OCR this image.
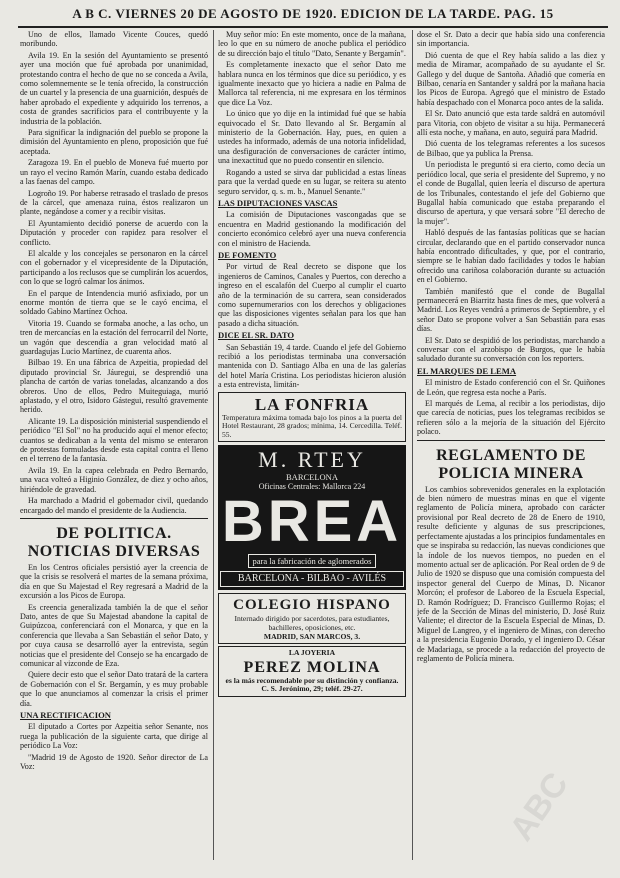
A B C. VIERNES 20 DE AGOSTO DE 1920. EDICION DE LA TARDE. PAG. 15

Uno de ellos, llamado Vicente Couces, quedó moribundo.

Avila 19. En la sesión del Ayuntamiento se presentó ayer una moción que fué aprobada por unanimidad, protestando contra el hecho de que no se conceda a Avila, como solemnemente se le tenía ofrecido, la construcción de un cuartel y la presencia de una guarnición, después de haber aprobado el expediente y adquirido los terrenos, a costa de grandes sacrificios para el contribuyente y la industria de la población.

Para significar la indignación del pueblo se propone la dimisión del Ayuntamiento en pleno, proposición que fué aceptada.

Zaragoza 19. En el pueblo de Moneva fué muerto por un rayo el vecino Ramón Marín, cuando estaba dedicado a las faenas del campo.

Logroño 19. Por haberse retrasado el traslado de presos de la cárcel, que amenaza ruina, éstos realizaron un plante, negándose a comer y a recibir visitas.

El Ayuntamiento decidió ponerse de acuerdo con la Diputación y proceder con rapidez para resolver el conflicto.

El alcalde y los concejales se personaron en la cárcel con el gobernador y el vicepresidente de la Diputación, participando a los reclusos que se cumplirán los acuerdos, con lo que se logró calmar los ánimos.

En el parque de Intendencia murió asfixiado, por un enorme montón de tierra que se le cayó encima, el soldado Gabino Martínez Ochoa.

Vitoria 19. Cuando se formaba anoche, a las ocho, un tren de mercancías en la estación del ferrocarril del Norte, un vagón que descendía a gran velocidad mató al guardagujas Lucio Martínez, de cuarenta años.

Bilbao 19. En una fábrica de Azpeitia, propiedad del diputado provincial Sr. Jáuregui, se desprendió una plancha de cartón de varias toneladas, alcanzando a dos obreros. Uno de ellos, Pedro Muiteguiaga, murió aplastado, y el otro, Isidoro Gástegui, resultó gravemente herido.

Alicante 19. La disposición ministerial suspendiendo el periódico "El Sol" no ha producido aquí el menor efecto; cuantos se dedicaban a la venta del mismo se enteraron de protestas formuladas desde esta capital contra el lleno en el terreno de la fantasía.

Avila 19. En la capea celebrada en Pedro Bernardo, una vaca volteó a Higinio González, de diez y ocho años, hiriéndole de gravedad.

Ha marchado a Madrid el gobernador civil, quedando encargado del mando el presidente de la Audiencia.

DE POLITICA. NOTICIAS DIVERSAS

En los Centros oficiales persistió ayer la creencia de que la crisis se resolverá el martes de la semana próxima, día en que Su Majestad el Rey regresará a Madrid de la excursión a los Picos de Europa.

Es creencia generalizada también la de que el señor Dato, antes de que Su Majestad abandone la capital de Guipúzcoa, conferenciará con el Monarca, y que en la conferencia que llevaba a San Sebastián el señor Dato, y por cuya causa se desarrolló ayer la entrevista, según noticias que el presidente del Consejo se ha encargado de comunicar al vizconde de Eza.

Quiere decir esto que el señor Dato tratará de la cartera de Gobernación con el Sr. Bergamín, y es muy probable que lo que anunciamos al comenzar la crisis el primer día.

UNA RECTIFICACION

El diputado a Cortes por Azpeitia señor Senante, nos ruega la publicación de la siguiente carta, que dirige al periódico La Voz:

"Madrid 19 de Agosto de 1920. Señor director de La Voz:

Muy señor mío: En este momento, once de la mañana, leo lo que en su número de anoche publica el periódico de su dirección bajo el título "Dato, Senante y Bergamín".

Es completamente inexacto que el señor Dato me hablara nunca en los términos que dice su periódico, y es igualmente inexacto que yo hiciera a nadie en Palma de Mallorca tal referencia, ni me expresara en los términos que dice La Voz.

Lo único que yo dije en la intimidad fué que se había equivocado el Sr. Dato llevando al Sr. Bergamín al ministerio de la Gobernación. Hay, pues, en quien a ustedes ha informado, además de una notoria infidelidad, una desfiguración de conversaciones de carácter íntimo, una inexactitud que no puedo consentir en silencio.

Rogando a usted se sirva dar publicidad a estas líneas para que la verdad quede en su lugar, se reitera su atento seguro servidor, q. s. m. b., Manuel Senante."

LAS DIPUTACIONES VASCAS

La comisión de Diputaciones vascongadas que se encuentra en Madrid gestionando la modificación del concierto económico celebró ayer una nueva conferencia con el ministro de Hacienda.

DE FOMENTO

Por virtud de Real decreto se dispone que los ingenieros de Caminos, Canales y Puertos, con derecho a ingreso en el escalafón del Cuerpo al cumplir el cuarto año de la terminación de su carrera, sean considerados como supernumerarios con los derechos y obligaciones que las disposiciones vigentes señalan para los que han pasado a dicha situación.

DICE EL SR. DATO

San Sebastián 19, 4 tarde. Cuando el jefe del Gobierno recibió a los periodistas terminaba una conversación mantenida con D. Santiago Alba en una de las galerías del hotel María Cristina. Los periodistas hicieron alusión a esta entrevista, limitán-

LA FONFRIA
Temperatura máxima tomada bajo los pinos a la puerta del Hotel Restaurant, 28 grados; mínima, 14. Cercedilla. Teléf. 55.
M. RTEY
BARCELONA
Oficinas Centrales: Mallorca 224
BREA
para la fabricación de aglomerados
BARCELONA - BILBAO - AVILÉS
COLEGIO HISPANO
Internado dirigido por sacerdotes, para estudiantes, bachilleres, oposiciones, etc.
MADRID, SAN MARCOS, 3.
LA JOYERIA
PEREZ MOLINA
es la más recomendable por su distinción y confianza. C. S. Jerónimo, 29; teléf. 29-27.

dose el Sr. Dato a decir que había sido una conferencia sin importancia.

Dió cuenta de que el Rey había salido a las diez y media de Miramar, acompañado de su ayudante el Sr. Gallego y del duque de Santoña. Añadió que comería en Bilbao, cenaría en Santander y saldrá por la mañana hacia los Picos de Europa. Agregó que el ministro de Estado había despachado con el Monarca poco antes de la salida.

El Sr. Dato anunció que esta tarde saldrá en automóvil para Vitoria, con objeto de visitar a su hija. Permanecerá allí esta noche, y mañana, en auto, seguirá para Madrid.

Dió cuenta de los telegramas referentes a los sucesos de Bilbao, que ya publica la Prensa.

Un periodista le preguntó si era cierto, como decía un periódico local, que seria el presidente del Supremo, y no el conde de Bugallal, quien leería el discurso de apertura de los Tribunales, contestando el jefe del Gobierno que Bugallal había comunicado que estaba preparando el discurso de apertura, y que versará sobre "El derecho de la mujer".

Habló después de las fantasías políticas que se hacían circular, declarando que en el partido conservador nunca había encontrado dificultades, y que, por el contrario, siempre se le habían dado facilidades y todos le habían ofrecido una cariñosa colaboración durante su actuación en el Gobierno.

También manifestó que el conde de Bugallal permanecerá en Biarritz hasta fines de mes, que volverá a Madrid. Los Reyes vendrá a primeros de Septiembre, y el señor Dato se propone volver a San Sebastián para esas días.

El Sr. Dato se despidió de los periodistas, marchando a conversar con el arzobispo de Burgos, que le había saludado durante su conversación con los reporters.

EL MARQUES DE LEMA

El ministro de Estado conferenció con el Sr. Quiñones de León, que regresa esta noche a París.

El marqués de Lema, al recibir a los periodistas, dijo que carecía de noticias, pues los telegramas recibidos se refieren sólo a la mejoría de la situación del Ejército polaco.

REGLAMENTO DE POLICIA MINERA

Los cambios sobrevenidos generales en la explotación de bien número de muestras minas en que el vigente reglamento de Policía minera, aprobado con carácter provisional por Real decreto de 28 de Enero de 1910, resulte deficiente y algunas de sus prescripciones, perfectamente ajustadas a los principios fundamentales en que se inspiraba su redacción, las nuevas condiciones que la índole de los nuevos tiempos, no pueden en el momento actual ser de aplicación. Por Real orden de 9 de Julio de 1920 se dispuso que una comisión compuesta del inspector general del Cuerpo de Minas, D. Nicanor Morcón; el profesor de Laboreo de la Escuela Especial, D. Ramón Rodríguez; D. Francisco Guillermo Rojas; el jefe de la Sección de Minas del ministerio, D. José Ruiz Valiente; el director de la Escuela Especial de Minas, D. Miguel de Langreo, y el ingeniero de Minas, con derecho a la presidencia Eugenio Dorado, y el ingeniero D. César de Madariaga, se procede a la redacción del proyecto de reglamento de Policía minera.

ABC
